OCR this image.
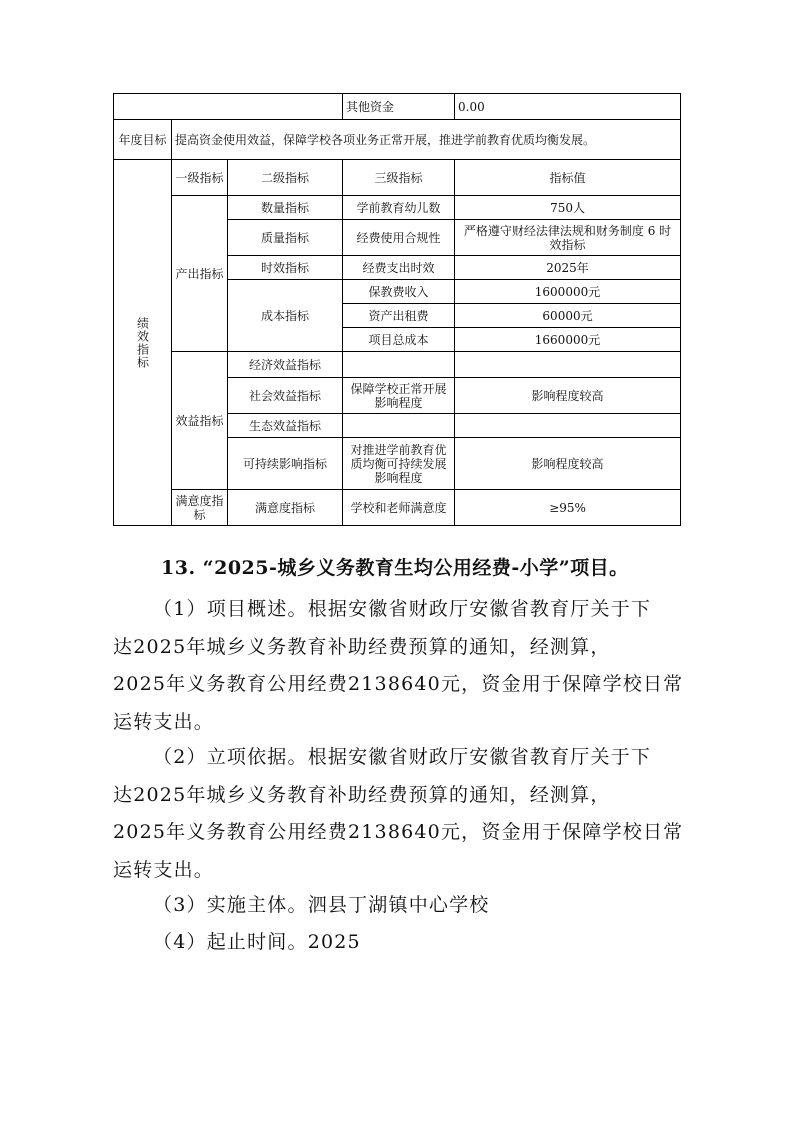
			其他资金	0.00
年度目标	提高资金使用效益，保障学校各项业务正常开展，推进学前教育优质均衡发展。			
绩效指标	一级指标	二级指标	三级指标	指标值
	产出指标	数量指标	学前教育幼儿数	750人
		质量指标	经费使用合规性	严格遵守财经法律法规和财务制度 6 时效指标
		时效指标	经费支出时效	2025年
		成本指标	保教费收入	1600000元
			资产出租费	60000元
			项目总成本	1660000元
	效益指标	经济效益指标		
		社会效益指标	保障学校正常开展影响程度	影响程度较高
		生态效益指标		
		可持续影响指标	对推进学前教育优质均衡可持续发展影响程度	影响程度较高
	满意度指标	满意度指标	学校和老师满意度	≥95%
13. “2025-城乡义务教育生均公用经费-小学”项目。
（1）项目概述。根据安徽省财政厅安徽省教育厅关于下
达2025年城乡义务教育补助经费预算的通知，经测算，
2025年义务教育公用经费2138640元，资金用于保障学校日常
运转支出。
（2）立项依据。根据安徽省财政厅安徽省教育厅关于下
达2025年城乡义务教育补助经费预算的通知，经测算，
2025年义务教育公用经费2138640元，资金用于保障学校日常
运转支出。
（3）实施主体。泗县丁湖镇中心学校
（4）起止时间。2025
